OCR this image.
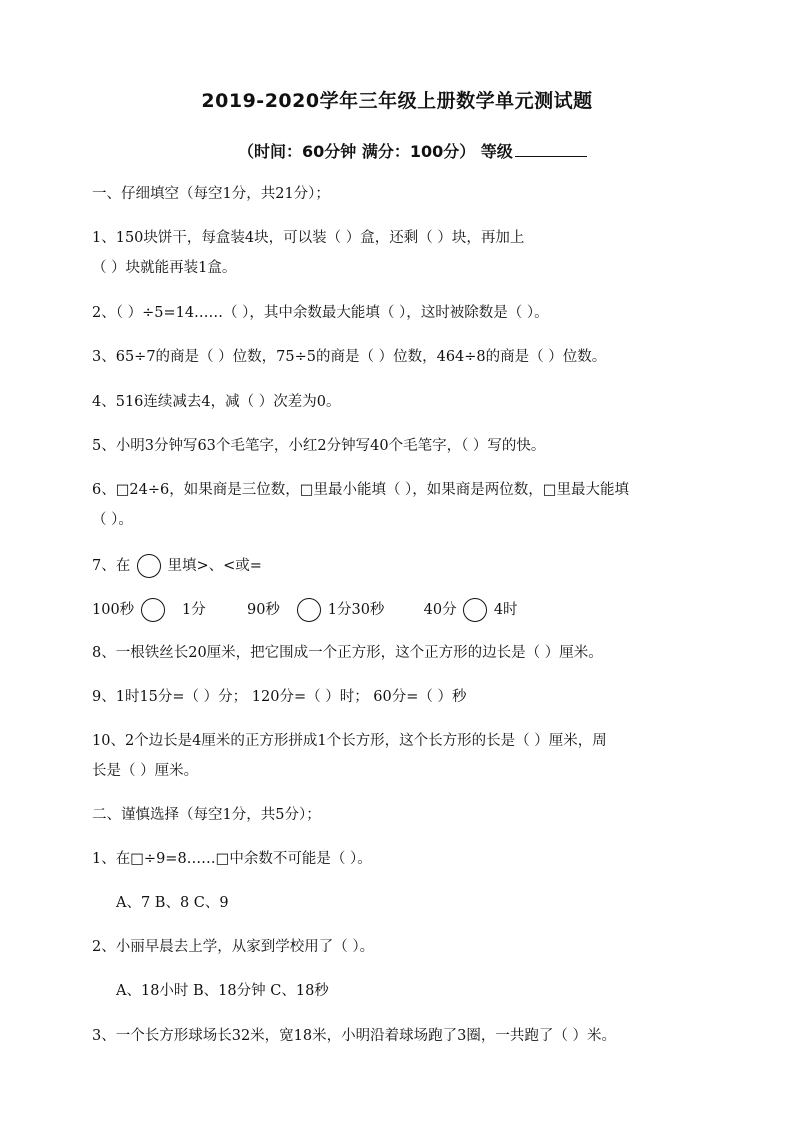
2019-2020学年三年级上册数学单元测试题
（时间：60分钟 满分：100分） 等级
一、仔细填空（每空1分，共21分）；
1、150块饼干，每盒装4块，可以装（ ）盒，还剩（ ）块，再加上
（ ）块就能再装1盒。
2、（ ）÷5=14……（ ），其中余数最大能填（ ），这时被除数是（ ）。
3、65÷7的商是（ ）位数，75÷5的商是（ ）位数，464÷8的商是（ ）位数。
4、516连续减去4，减（ ）次差为0。
5、小明3分钟写63个毛笔字，小红2分钟写40个毛笔字，（ ）写的快。
6、□24÷6，如果商是三位数，□里最小能填（ ），如果商是两位数，□里最大能填
（ ）。
7、在	里填>、<或=
100秒	1分	90秒	1分30秒	40分	4时
8、一根铁丝长20厘米，把它围成一个正方形，这个正方形的边长是（ ）厘米。
9、1时15分=（ ）分； 120分=（ ）时； 60分=（ ）秒
10、2个边长是4厘米的正方形拼成1个长方形，这个长方形的长是（ ）厘米，周
长是（ ）厘米。
二、谨慎选择（每空1分，共5分）；
1、在□÷9=8……□中余数不可能是（ ）。
A、7 B、8 C、9
2、小丽早晨去上学，从家到学校用了（ ）。
A、18小时 B、18分钟 C、18秒
3、一个长方形球场长32米，宽18米，小明沿着球场跑了3圈，一共跑了（ ）米。
